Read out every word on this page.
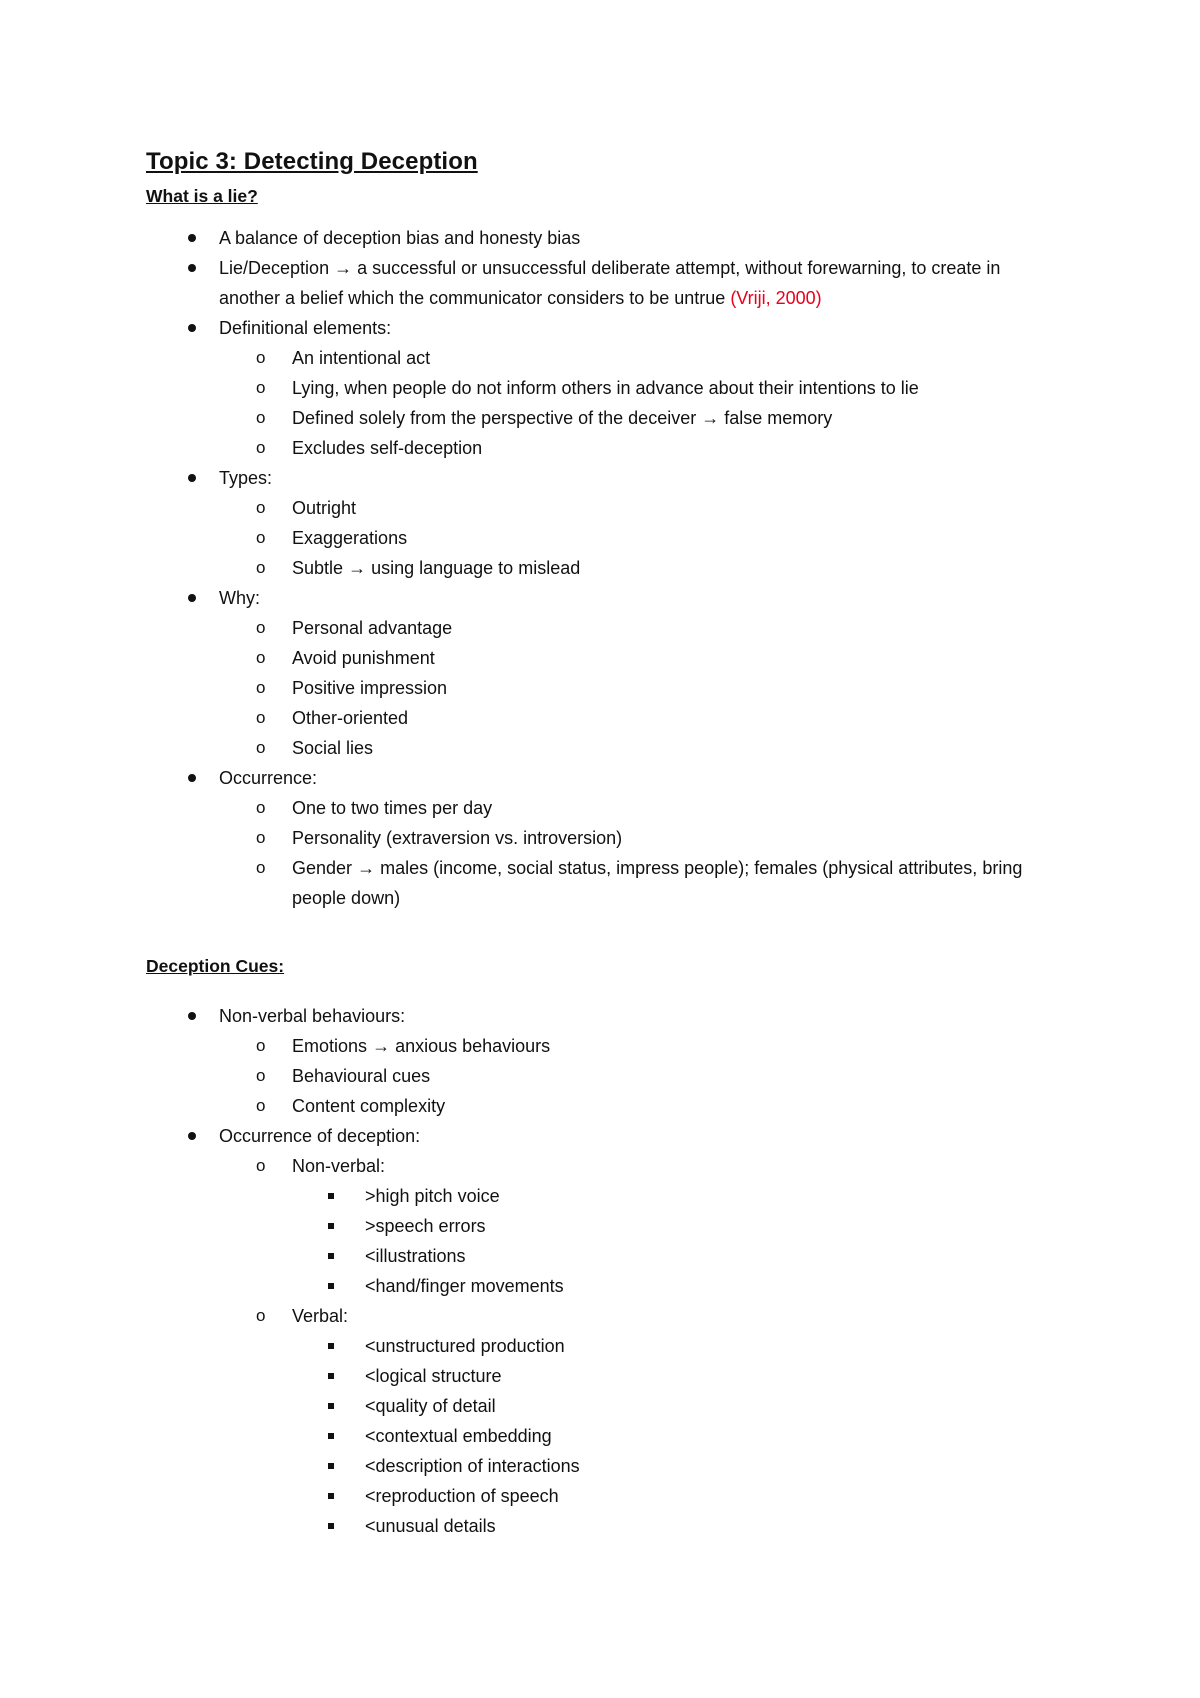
Topic 3: Detecting Deception
What is a lie?
A balance of deception bias and honesty bias
Lie/Deception → a successful or unsuccessful deliberate attempt, without forewarning, to create in another a belief which the communicator considers to be untrue (Vriji, 2000)
Definitional elements:
o An intentional act
o Lying, when people do not inform others in advance about their intentions to lie
o Defined solely from the perspective of the deceiver → false memory
o Excludes self-deception
Types:
o Outright
o Exaggerations
o Subtle → using language to mislead
Why:
o Personal advantage
o Avoid punishment
o Positive impression
o Other-oriented
o Social lies
Occurrence:
o One to two times per day
o Personality (extraversion vs. introversion)
o Gender → males (income, social status, impress people); females (physical attributes, bring people down)
Deception Cues:
Non-verbal behaviours:
o Emotions → anxious behaviours
o Behavioural cues
o Content complexity
Occurrence of deception:
o Non-verbal:
>high pitch voice
>speech errors
<illustrations
<hand/finger movements
o Verbal:
<unstructured production
<logical structure
<quality of detail
<contextual embedding
<description of interactions
<reproduction of speech
<unusual details
